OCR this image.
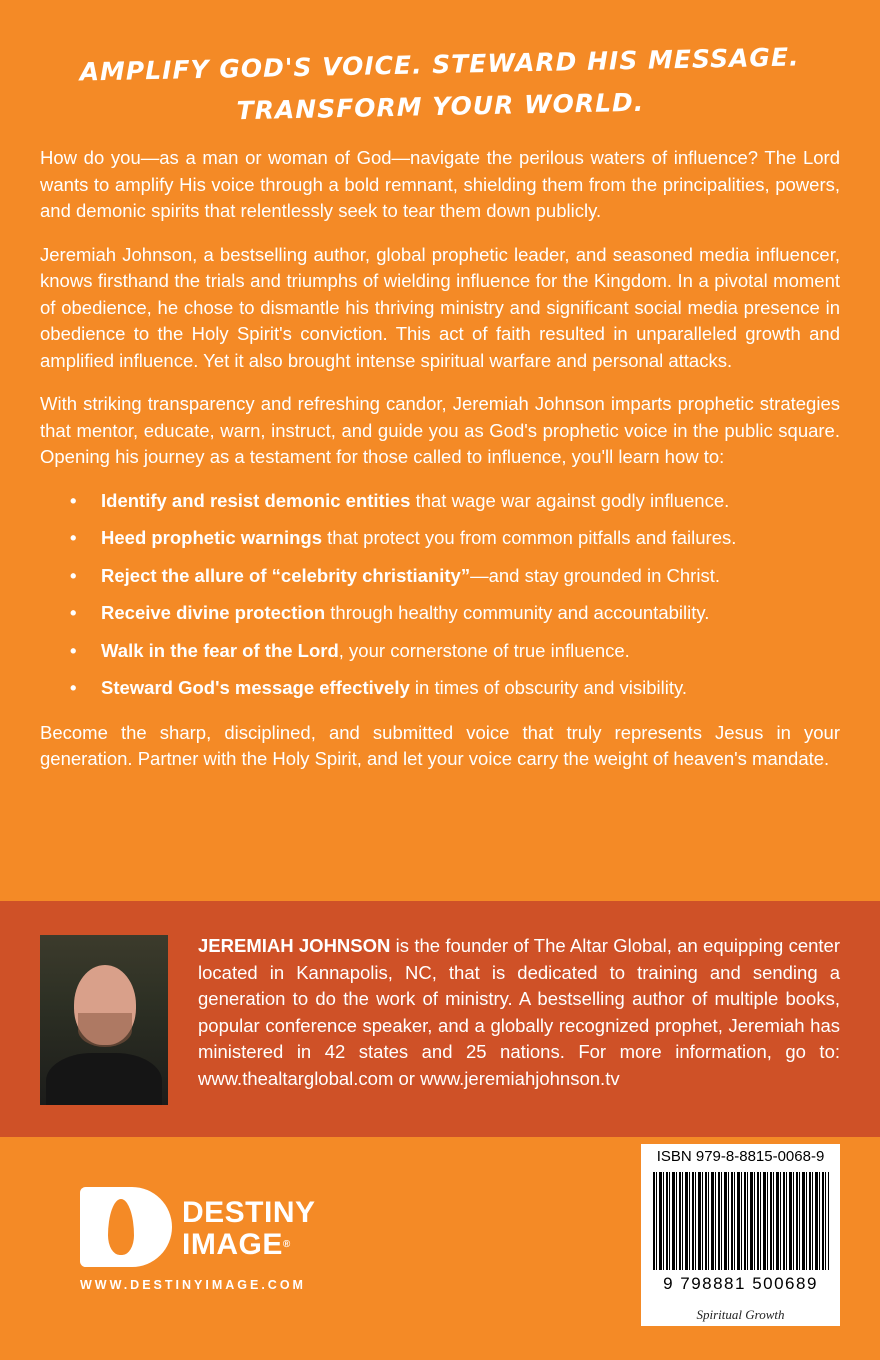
AMPLIFY GOD'S VOICE. STEWARD HIS MESSAGE.
TRANSFORM YOUR WORLD.

How do you—as a man or woman of God—navigate the perilous waters of influence? The Lord wants to amplify His voice through a bold remnant, shielding them from the principalities, powers, and demonic spirits that relentlessly seek to tear them down publicly.

Jeremiah Johnson, a bestselling author, global prophetic leader, and seasoned media influencer, knows firsthand the trials and triumphs of wielding influence for the Kingdom. In a pivotal moment of obedience, he chose to dismantle his thriving ministry and significant social media presence in obedience to the Holy Spirit's conviction. This act of faith resulted in unparalleled growth and amplified influence. Yet it also brought intense spiritual warfare and personal attacks.

With striking transparency and refreshing candor, Jeremiah Johnson imparts prophetic strategies that mentor, educate, warn, instruct, and guide you as God's prophetic voice in the public square. Opening his journey as a testament for those called to influence, you'll learn how to:

• Identify and resist demonic entities that wage war against godly influence.
• Heed prophetic warnings that protect you from common pitfalls and failures.
• Reject the allure of “celebrity christianity”—and stay grounded in Christ.
• Receive divine protection through healthy community and accountability.
• Walk in the fear of the Lord, your cornerstone of true influence.
• Steward God's message effectively in times of obscurity and visibility.

Become the sharp, disciplined, and submitted voice that truly represents Jesus in your generation. Partner with the Holy Spirit, and let your voice carry the weight of heaven's mandate.

JEREMIAH JOHNSON is the founder of The Altar Global, an equipping center located in Kannapolis, NC, that is dedicated to training and sending a generation to do the work of ministry. A bestselling author of multiple books, popular conference speaker, and a globally recognized prophet, Jeremiah has ministered in 42 states and 25 nations. For more information, go to: www.thealtarglobal.com or www.jeremiahjohnson.tv
DESTINY
IMAGE®
WWW.DESTINYIMAGE.COM
ISBN 979-8-8815-0068-9
9 798881 500689
Spiritual Growth
